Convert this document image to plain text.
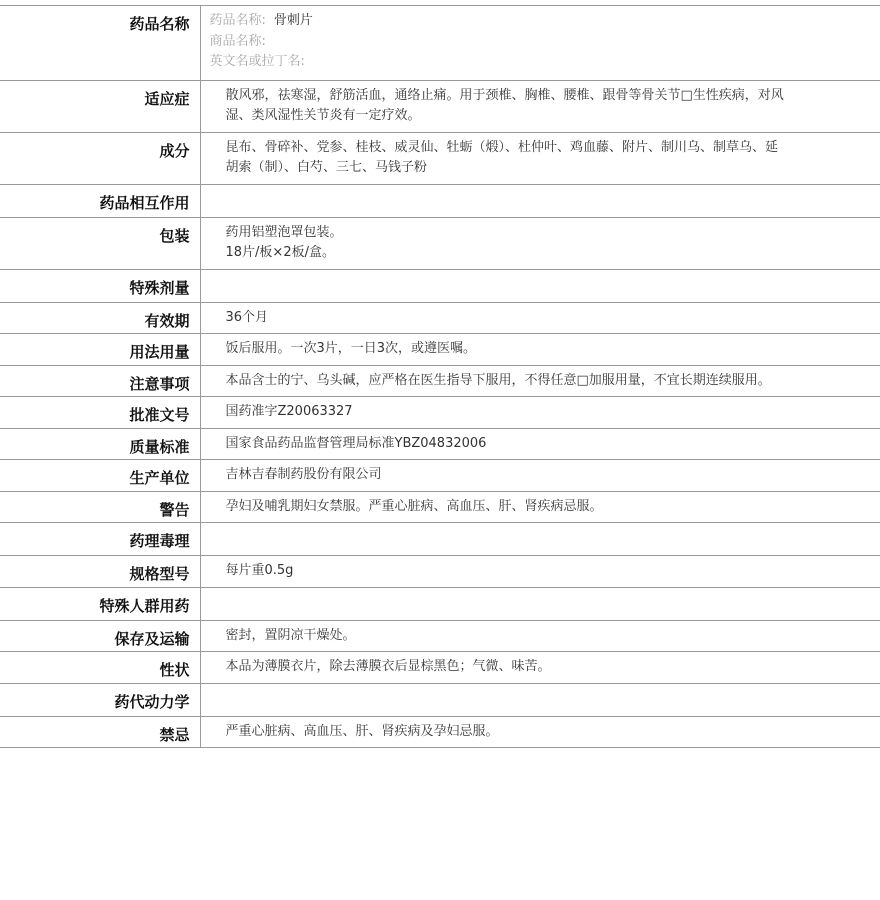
药品名称	药品名称: 骨刺片
商品名称:
英文名或拉丁名:

适应症	散风邪，祛寒湿，舒筋活血，通络止痛。用于颈椎、胸椎、腰椎、跟骨等骨关节□生性疾病，对风湿、类风湿性关节炎有一定疗效。

成分	昆布、骨碎补、党参、桂枝、威灵仙、牡蛎（煅）、杜仲叶、鸡血藤、附片、制川乌、制草乌、延胡索（制）、白芍、三七、马钱子粉

药品相互作用	
包装	药用铝塑泡罩包装。
18片/板×2板/盒。

特殊剂量	
有效期	36个月

用法用量	饭后服用。一次3片，一日3次，或遵医嘱。

注意事项	本品含士的宁、乌头碱，应严格在医生指导下服用，不得任意□加服用量，不宜长期连续服用。

批准文号	国药准字Z20063327

质量标准	国家食品药品监督管理局标准YBZ04832006

生产单位	吉林吉春制药股份有限公司

警告	孕妇及哺乳期妇女禁服。严重心脏病、高血压、肝、肾疾病忌服。

药理毒理	
规格型号	每片重0.5g

特殊人群用药	
保存及运输	密封，置阴凉干燥处。

性状	本品为薄膜衣片，除去薄膜衣后显棕黑色；气微、味苦。

药代动力学	
禁忌	严重心脏病、高血压、肝、肾疾病及孕妇忌服。
